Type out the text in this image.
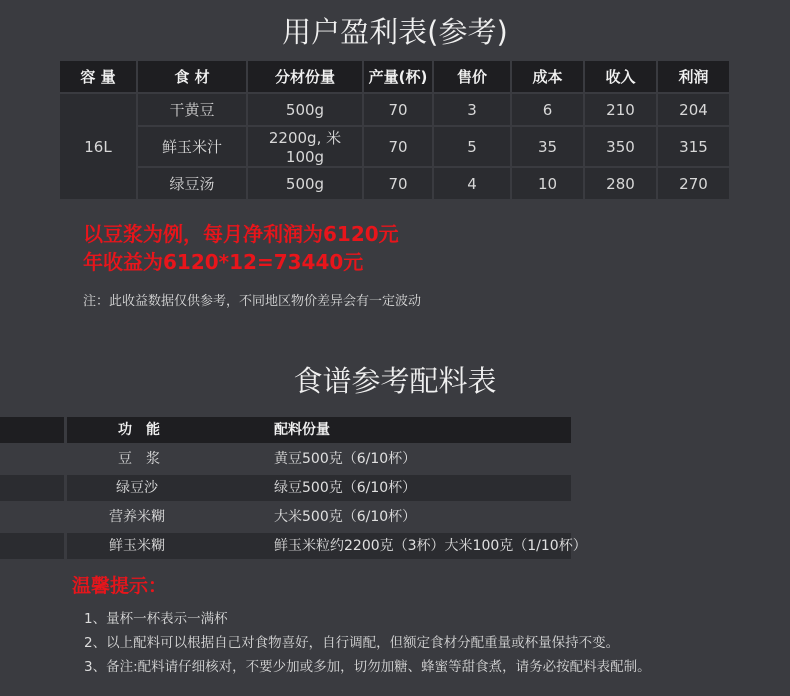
用户盈利表(参考)
容 量	食 材	分材份量	产量(杯)	售价	成本	收入	利润
16L	干黄豆	500g	70	3	6	210	204
	鲜玉米汁	2200g, 米 100g	70	5	35	350	315
	绿豆汤	500g	70	4	10	280	270
以豆浆为例，每月净利润为6120元
年收益为6120*12=73440元
注：此收益数据仅供参考，不同地区物价差异会有一定波动
食谱参考配料表
功　能	配料份量
豆　浆	黄豆500克（6/10杯）
绿豆沙	绿豆500克（6/10杯）
营养米糊	大米500克（6/10杯）
鲜玉米糊	鲜玉米粒约2200克（3杯）大米100克（1/10杯）
温馨提示：
1、量杯一杯表示一满杯
2、以上配料可以根据自己对食物喜好，自行调配，但额定食材分配重量或杯量保持不变。
3、备注:配料请仔细核对，不要少加或多加，切勿加糖、蜂蜜等甜食煮，请务必按配料表配制。
